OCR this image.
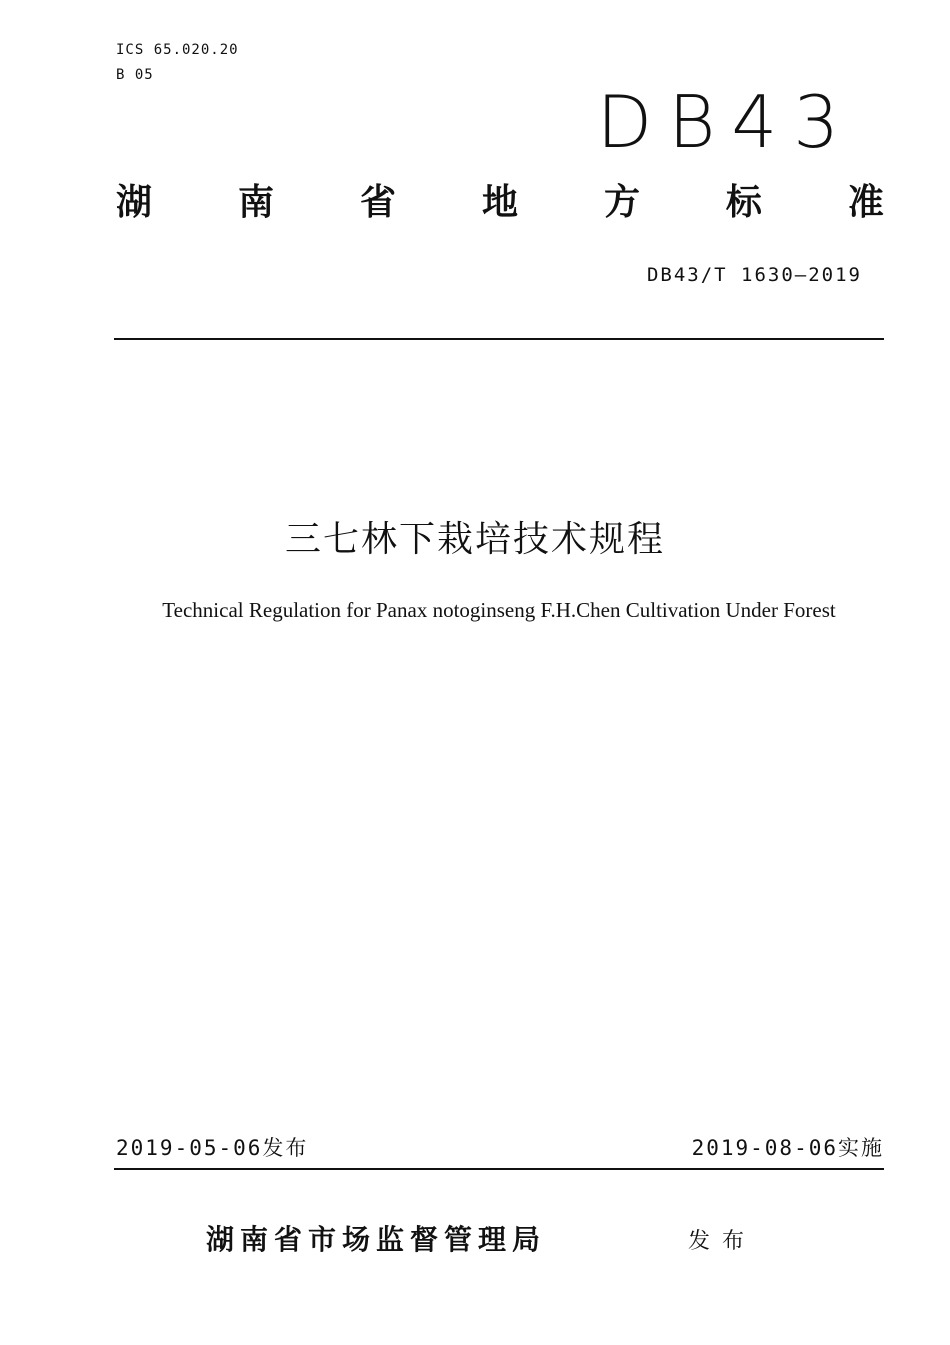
ICS 65.020.20
B 05
DB43
湖 南 省 地 方 标 准
DB43/T 1630—2019
三七林下栽培技术规程
Technical Regulation for Panax notoginseng F.H.Chen Cultivation Under Forest
2019-05-06发布	2019-08-06实施
湖南省市场监督管理局	发布
